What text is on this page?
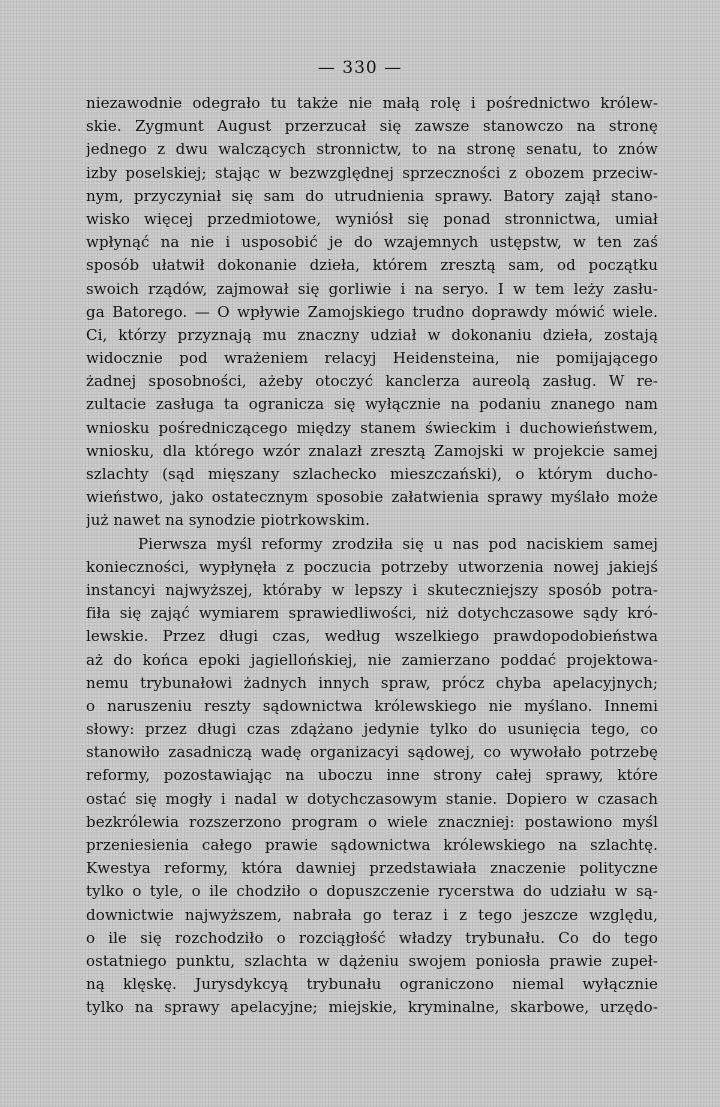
— 330 —
niezawodnie odegrało tu także nie małą rolę i pośrednictwo królew-
skie. Zygmunt August przerzucał się zawsze stanowczo na stronę
jednego z dwu walczących stronnictw, to na stronę senatu, to znów
izby poselskiej; stając w bezwzględnej sprzeczności z obozem przeciw-
nym, przyczyniał się sam do utrudnienia sprawy. Batory zajął stano-
wisko więcej przedmiotowe, wyniósł się ponad stronnictwa, umiał
wpłynąć na nie i usposobić je do wzajemnych ustępstw, w ten zaś
sposób ułatwił dokonanie dzieła, którem zresztą sam, od początku
swoich rządów, zajmował się gorliwie i na seryo. I w tem leży zasłu-
ga Batorego. — O wpływie Zamojskiego trudno doprawdy mówić wiele.
Ci, którzy przyznają mu znaczny udział w dokonaniu dzieła, zostają
widocznie pod wrażeniem relacyj Heidensteina, nie pomijającego
żadnej sposobności, ażeby otoczyć kanclerza aureolą zasług. W re-
zultacie zasługa ta ogranicza się wyłącznie na podaniu znanego nam
wniosku pośredniczącego między stanem świeckim i duchowieństwem,
wniosku, dla którego wzór znalazł zresztą Zamojski w projekcie samej
szlachty (sąd mięszany szlachecko mieszczański), o którym ducho-
wieństwo, jako ostatecznym sposobie załatwienia sprawy myślało może
już nawet na synodzie piotrkowskim.
Pierwsza myśl reformy zrodziła się u nas pod naciskiem samej
konieczności, wypłynęła z poczucia potrzeby utworzenia nowej jakiejś
instancyi najwyższej, któraby w lepszy i skuteczniejszy sposób potra-
fiła się zająć wymiarem sprawiedliwości, niż dotychczasowe sądy kró-
lewskie. Przez długi czas, według wszelkiego prawdopodobieństwa
aż do końca epoki jagiellońskiej, nie zamierzano poddać projektowa-
nemu trybunałowi żadnych innych spraw, prócz chyba apelacyjnych;
o naruszeniu reszty sądownictwa królewskiego nie myślano. Innemi
słowy: przez długi czas zdążano jedynie tylko do usunięcia tego, co
stanowiło zasadniczą wadę organizacyi sądowej, co wywołało potrzebę
reformy, pozostawiając na uboczu inne strony całej sprawy, które
ostać się mogły i nadal w dotychczasowym stanie. Dopiero w czasach
bezkrólewia rozszerzono program o wiele znaczniej: postawiono myśl
przeniesienia całego prawie sądownictwa królewskiego na szlachtę.
Kwestya reformy, która dawniej przedstawiała znaczenie polityczne
tylko o tyle, o ile chodziło o dopuszczenie rycerstwa do udziału w są-
downictwie najwyższem, nabrała go teraz i z tego jeszcze względu,
o ile się rozchodziło o rozciągłość władzy trybunału. Co do tego
ostatniego punktu, szlachta w dążeniu swojem poniosła prawie zupeł-
ną klęskę. Jurysdykcyą trybunału ograniczono niemal wyłącznie
tylko na sprawy apelacyjne; miejskie, kryminalne, skarbowe, urzędo-
